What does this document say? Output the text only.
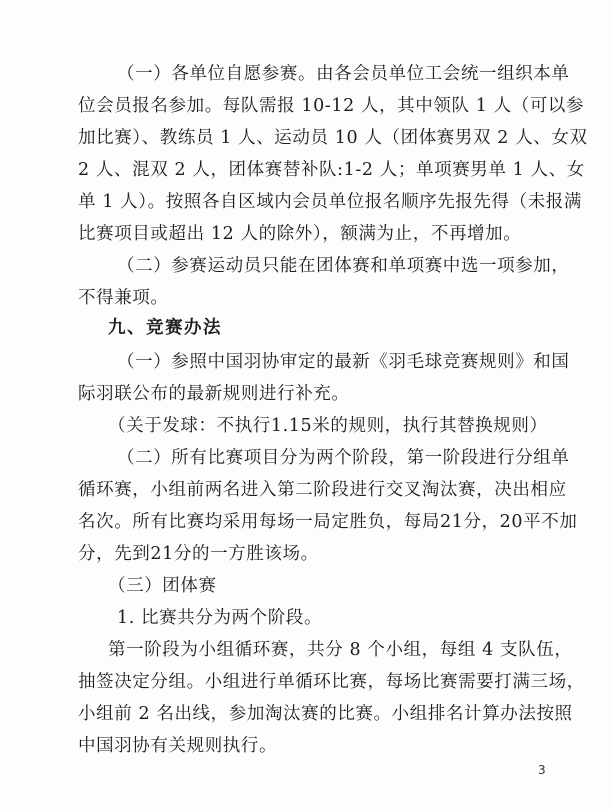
（一）各单位自愿参赛。由各会员单位工会统一组织本单
位会员报名参加。每队需报 10-12 人，其中领队 1 人（可以参
加比赛）、教练员 1 人、运动员 10 人（团体赛男双 2 人、女双
2 人、混双 2 人，团体赛替补队:1-2 人；单项赛男单 1 人、女
单 1 人）。按照各自区域内会员单位报名顺序先报先得（未报满
比赛项目或超出 12 人的除外），额满为止，不再增加。
（二）参赛运动员只能在团体赛和单项赛中选一项参加，
不得兼项。
九、竞赛办法
（一）参照中国羽协审定的最新《羽毛球竞赛规则》和国
际羽联公布的最新规则进行补充。
（关于发球：不执行1.15米的规则，执行其替换规则）
（二）所有比赛项目分为两个阶段，第一阶段进行分组单
循环赛，小组前两名进入第二阶段进行交叉淘汰赛，决出相应
名次。所有比赛均采用每场一局定胜负，每局21分，20平不加
分，先到21分的一方胜该场。
（三）团体赛
1. 比赛共分为两个阶段。
第一阶段为小组循环赛，共分 8 个小组，每组 4 支队伍，
抽签决定分组。小组进行单循环比赛，每场比赛需要打满三场，
小组前 2 名出线，参加淘汰赛的比赛。小组排名计算办法按照
中国羽协有关规则执行。
3
